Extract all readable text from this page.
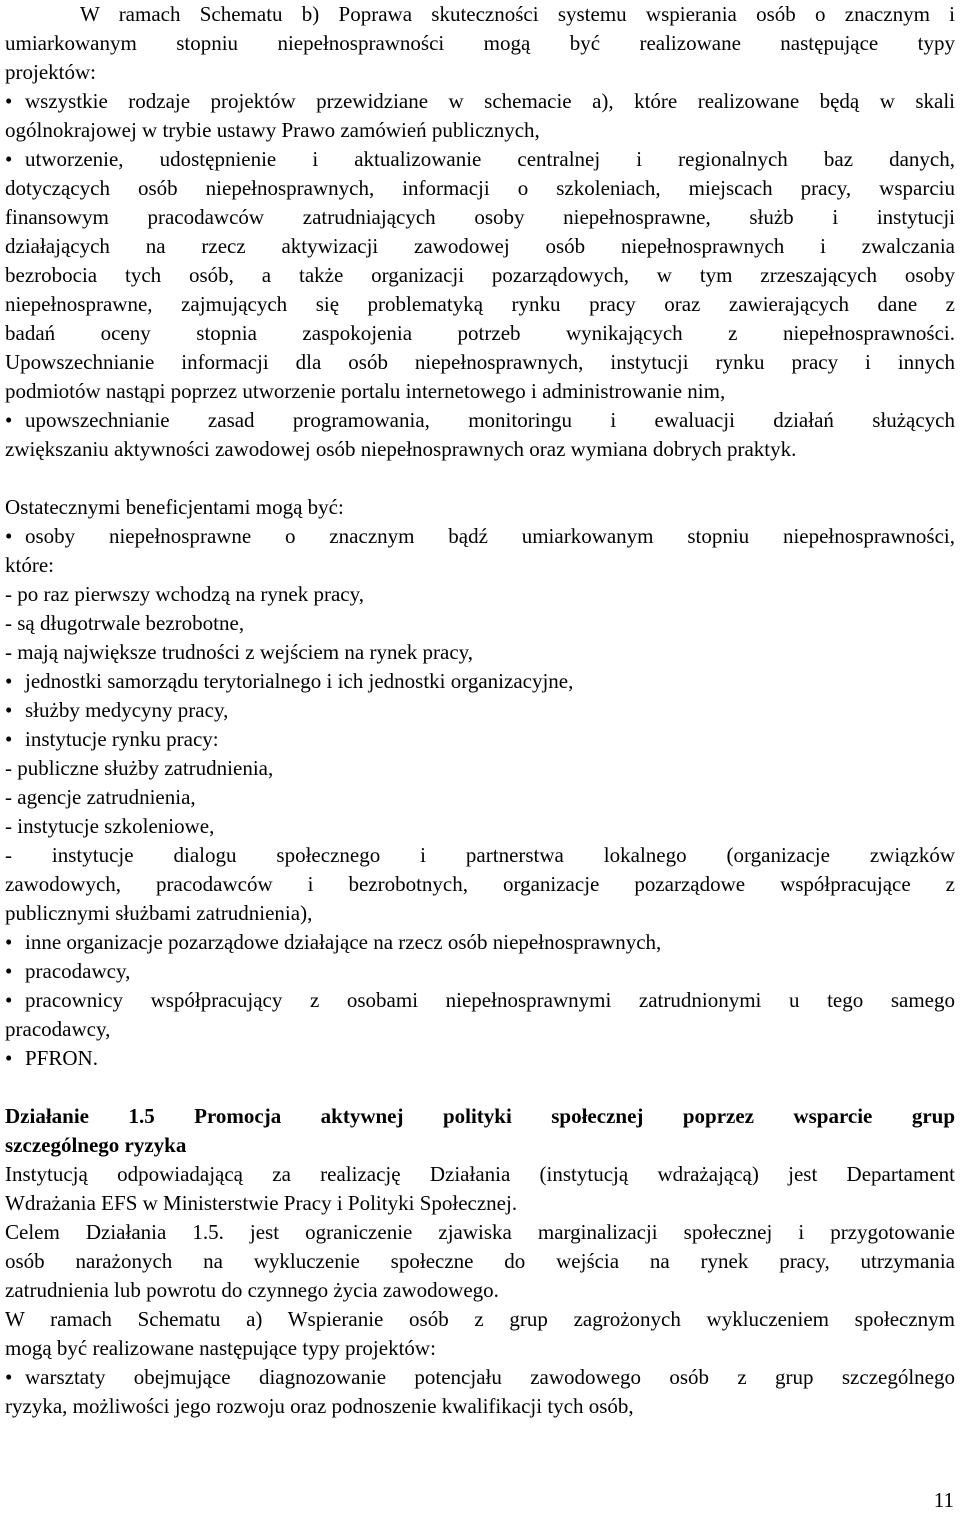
11
W ramach Schematu b) Poprawa skuteczności systemu wspierania osób o znacznym i
umiarkowanym stopniu niepełnosprawności mogą być realizowane następujące typy
projektów:
• wszystkie rodzaje projektów przewidziane w schemacie a), które realizowane będą w skali
ogólnokrajowej w trybie ustawy Prawo zamówień publicznych,
• utworzenie, udostępnienie i aktualizowanie centralnej i regionalnych baz danych,
dotyczących osób niepełnosprawnych, informacji o szkoleniach, miejscach pracy, wsparciu
finansowym pracodawców zatrudniających osoby niepełnosprawne, służb i instytucji
działających na rzecz aktywizacji zawodowej osób niepełnosprawnych i zwalczania
bezrobocia tych osób, a także organizacji pozarządowych, w tym zrzeszających osoby
niepełnosprawne, zajmujących się problematyką rynku pracy oraz zawierających dane z
badań oceny stopnia zaspokojenia potrzeb wynikających z niepełnosprawności.
Upowszechnianie informacji dla osób niepełnosprawnych, instytucji rynku pracy i innych
podmiotów nastąpi poprzez utworzenie portalu internetowego i administrowanie nim,
• upowszechnianie zasad programowania, monitoringu i ewaluacji działań służących
zwiększaniu aktywności zawodowej osób niepełnosprawnych oraz wymiana dobrych praktyk.
Ostatecznymi beneficjentami mogą być:
• osoby niepełnosprawne o znacznym bądź umiarkowanym stopniu niepełnosprawności,
które:
- po raz pierwszy wchodzą na rynek pracy,
- są długotrwale bezrobotne,
- mają największe trudności z wejściem na rynek pracy,
• jednostki samorządu terytorialnego i ich jednostki organizacyjne,
• służby medycyny pracy,
• instytucje rynku pracy:
- publiczne służby zatrudnienia,
- agencje zatrudnienia,
- instytucje szkoleniowe,
- instytucje dialogu społecznego i partnerstwa lokalnego (organizacje związków
zawodowych, pracodawców i bezrobotnych, organizacje pozarządowe współpracujące z
publicznymi służbami zatrudnienia),
• inne organizacje pozarządowe działające na rzecz osób niepełnosprawnych,
• pracodawcy,
• pracownicy współpracujący z osobami niepełnosprawnymi zatrudnionymi u tego samego
pracodawcy,
• PFRON.
Działanie 1.5 Promocja aktywnej polityki społecznej poprzez wsparcie grup
szczególnego ryzyka
Instytucją odpowiadającą za realizację Działania (instytucją wdrażającą) jest Departament
Wdrażania EFS w Ministerstwie Pracy i Polityki Społecznej.
Celem Działania 1.5. jest ograniczenie zjawiska marginalizacji społecznej i przygotowanie
osób narażonych na wykluczenie społeczne do wejścia na rynek pracy, utrzymania
zatrudnienia lub powrotu do czynnego życia zawodowego.
W ramach Schematu a) Wspieranie osób z grup zagrożonych wykluczeniem społecznym
mogą być realizowane następujące typy projektów:
• warsztaty obejmujące diagnozowanie potencjału zawodowego osób z grup szczególnego
ryzyka, możliwości jego rozwoju oraz podnoszenie kwalifikacji tych osób,
